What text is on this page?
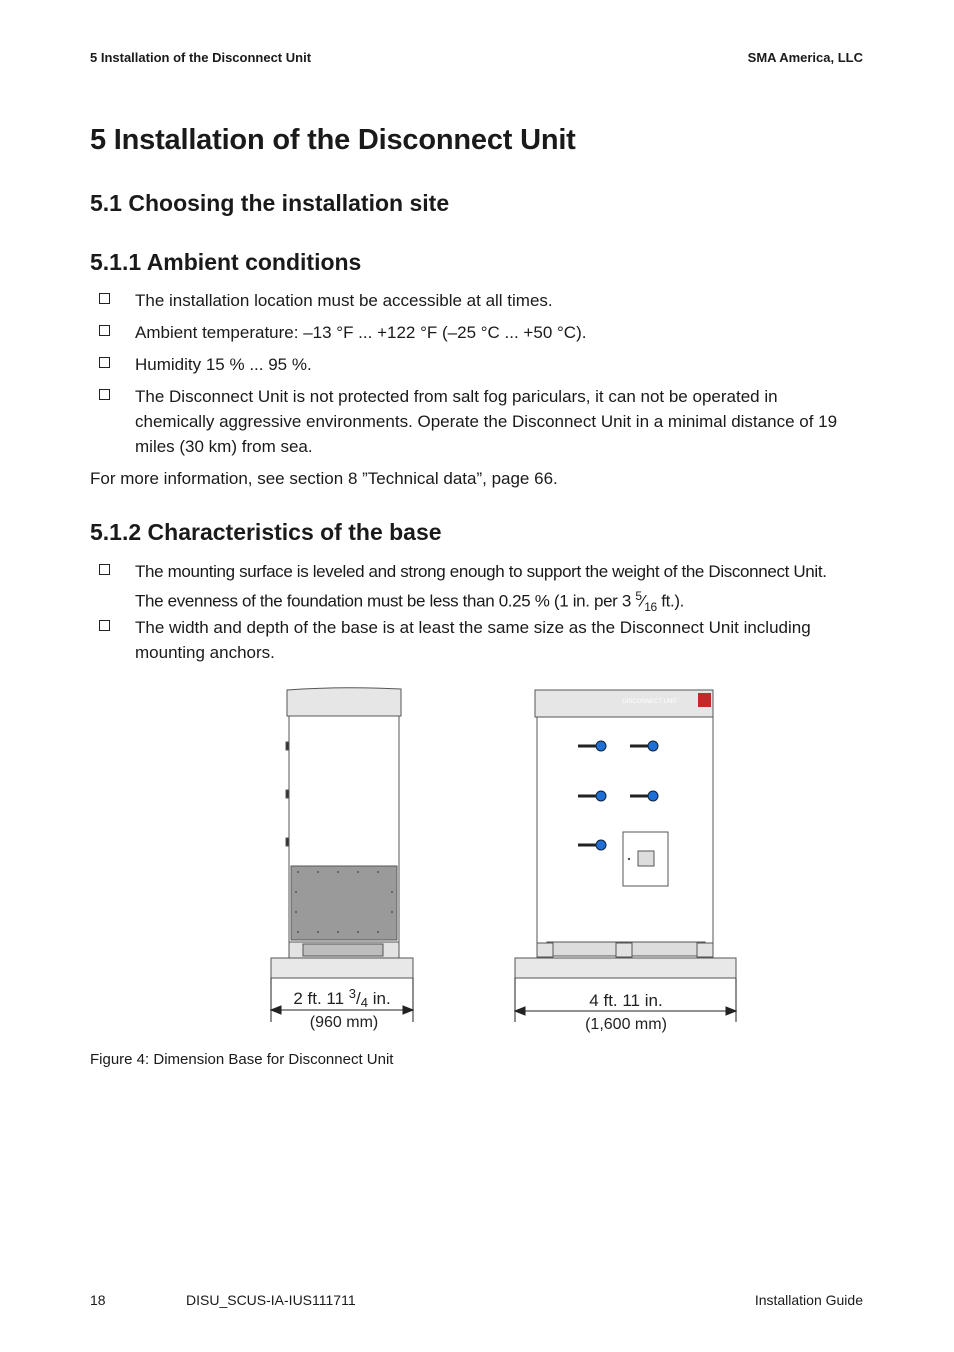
5 Installation of the Disconnect Unit	SMA America, LLC
5 Installation of the Disconnect Unit
5.1 Choosing the installation site
5.1.1 Ambient conditions
The installation location must be accessible at all times.
Ambient temperature: –13 °F ... +122 °F (–25 °C ... +50 °C).
Humidity 15 % ... 95 %.
The Disconnect Unit is not protected from salt fog pariculars, it can not be operated in chemically aggressive environments. Operate the Disconnect Unit in a minimal distance of 19 miles (30 km) from sea.
For more information, see section 8 ”Technical data”, page 66.
5.1.2 Characteristics of the base
The mounting surface is leveled and strong enough to support the weight of the Disconnect Unit.
The evenness of the foundation must be less than 0.25 % (1 in. per 3 $^5⁄_{16}$ ft.).
The width and depth of the base is at least the same size as the Disconnect Unit including mounting anchors.
2 ft. 11 $^3$/4 in.
(960 mm)
DISCONNECT UNIT
4 ft. 11 in.
(1,600 mm)
Figure 4: Dimension Base for Disconnect Unit
18	DISU_SCUS-IA-IUS111711	Installation Guide
